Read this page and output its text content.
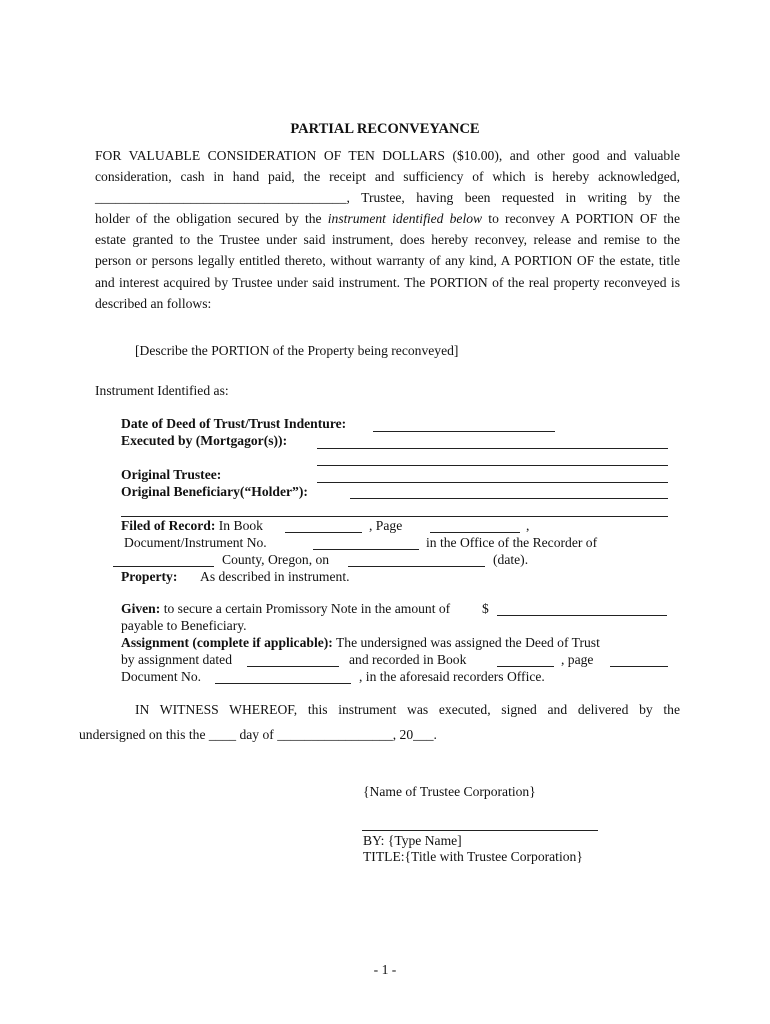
PARTIAL RECONVEYANCE
FOR VALUABLE CONSIDERATION OF TEN DOLLARS ($10.00), and other good and valuable
consideration, cash in hand paid, the receipt and sufficiency of which is hereby acknowledged,
_____________________________________, Trustee, having been requested in writing by the
holder of the obligation secured by the instrument identified below to reconvey A PORTION OF the
estate granted to the Trustee under said instrument, does hereby reconvey, release and remise to the
person or persons legally entitled thereto, without warranty of any kind, A PORTION OF the estate, title
and interest acquired by Trustee under said instrument. The PORTION of the real property reconveyed is
described an follows:
[Describe the PORTION of the Property being reconveyed]
Instrument Identified as:
Date of Deed of Trust/Trust Indenture:
Executed by (Mortgagor(s)):
Original Trustee:
Original Beneficiary(“Holder”):
Filed of Record: In Book	, Page	,
Document/Instrument No.	in the Office of the Recorder of
County, Oregon, on	(date).
Property: As described in instrument.
Given: to secure a certain Promissory Note in the amount of $
payable to Beneficiary.
Assignment (complete if applicable): The undersigned was assigned the Deed of Trust
by assignment dated	and recorded in Book	, page
Document No.	, in the aforesaid recorders Office.
IN WITNESS WHEREOF, this instrument was executed, signed and delivered by the
undersigned on this the ____ day of _________________, 20___.
{Name of Trustee Corporation}
BY: {Type Name]
TITLE:{Title with Trustee Corporation}
- 1 -
